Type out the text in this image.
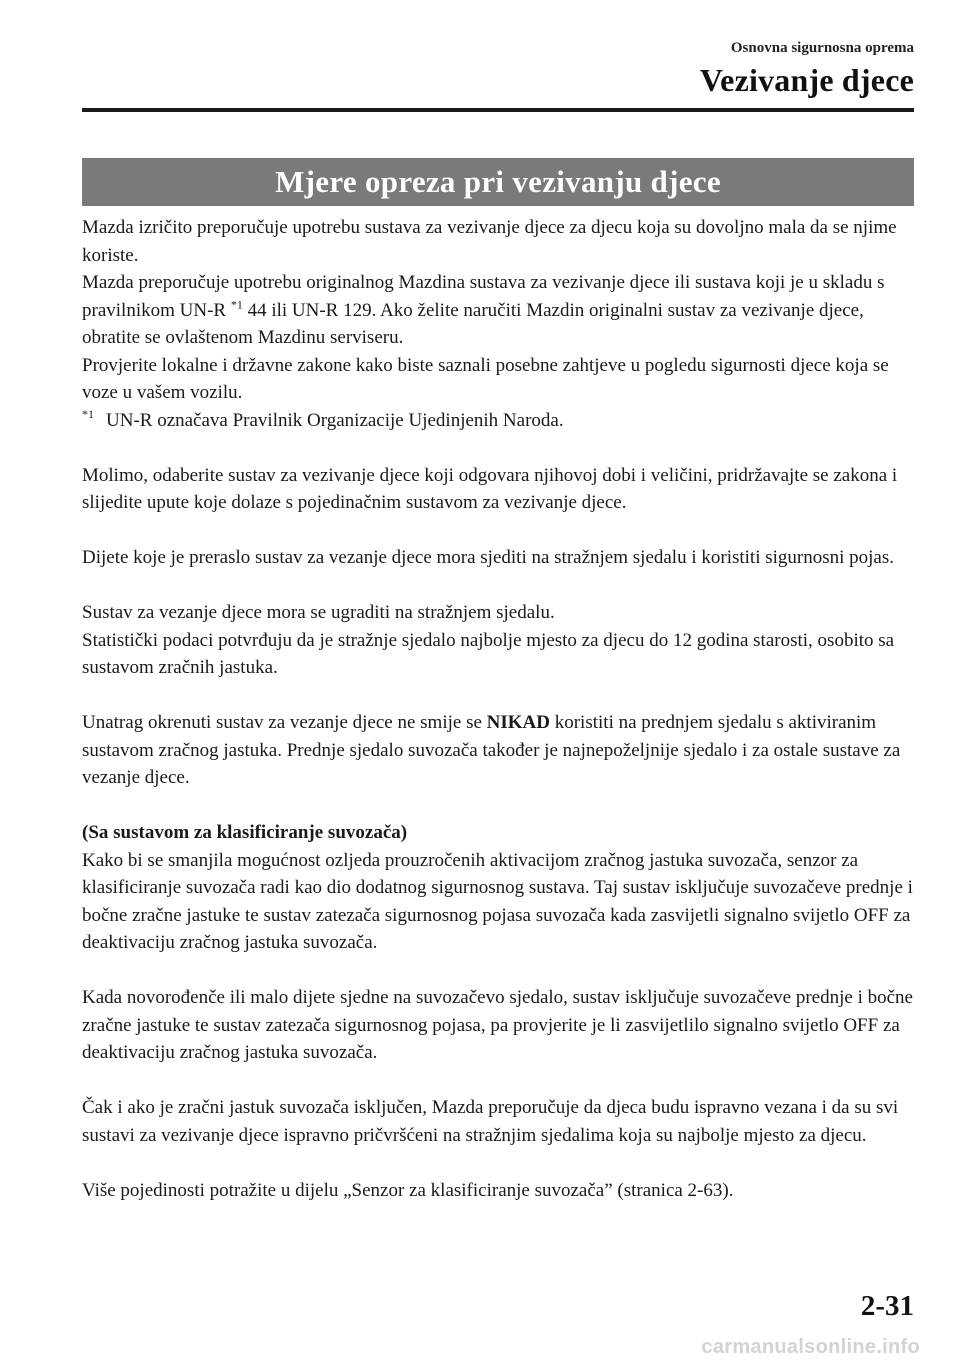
Osnovna sigurnosna oprema
Vezivanje djece
Mjere opreza pri vezivanju djece

Mazda izričito preporučuje upotrebu sustava za vezivanje djece za djecu koja su dovoljno mala da se njime koriste.

Mazda preporučuje upotrebu originalnog Mazdina sustava za vezivanje djece ili sustava koji je u skladu s pravilnikom UN-R $^{*1}$ 44 ili UN-R 129. Ako želite naručiti Mazdin originalni sustav za vezivanje djece, obratite se ovlaštenom Mazdinu serviseru.

Provjerite lokalne i državne zakone kako biste saznali posebne zahtjeve u pogledu sigurnosti djece koja se voze u vašem vozilu.

$^{*1}$ UN-R označava Pravilnik Organizacije Ujedinjenih Naroda.

Molimo, odaberite sustav za vezivanje djece koji odgovara njihovoj dobi i veličini, pridržavajte se zakona i slijedite upute koje dolaze s pojedinačnim sustavom za vezivanje djece.

Dijete koje je preraslo sustav za vezanje djece mora sjediti na stražnjem sjedalu i koristiti sigurnosni pojas.

Sustav za vezanje djece mora se ugraditi na stražnjem sjedalu.

Statistički podaci potvrđuju da je stražnje sjedalo najbolje mjesto za djecu do 12 godina starosti, osobito sa sustavom zračnih jastuka.

Unatrag okrenuti sustav za vezanje djece ne smije se NIKAD koristiti na prednjem sjedalu s aktiviranim sustavom zračnog jastuka. Prednje sjedalo suvozača također je najnepoželjnije sjedalo i za ostale sustave za vezanje djece.

(Sa sustavom za klasificiranje suvozača)

Kako bi se smanjila mogućnost ozljeda prouzročenih aktivacijom zračnog jastuka suvozača, senzor za klasificiranje suvozača radi kao dio dodatnog sigurnosnog sustava. Taj sustav isključuje suvozačeve prednje i bočne zračne jastuke te sustav zatezača sigurnosnog pojasa suvozača kada zasvijetli signalno svijetlo OFF za deaktivaciju zračnog jastuka suvozača.

Kada novorođenče ili malo dijete sjedne na suvozačevo sjedalo, sustav isključuje suvozačeve prednje i bočne zračne jastuke te sustav zatezača sigurnosnog pojasa, pa provjerite je li zasvijetlilo signalno svijetlo OFF za deaktivaciju zračnog jastuka suvozača.

Čak i ako je zračni jastuk suvozača isključen, Mazda preporučuje da djeca budu ispravno vezana i da su svi sustavi za vezivanje djece ispravno pričvršćeni na stražnjim sjedalima koja su najbolje mjesto za djecu.

Više pojedinosti potražite u dijelu „Senzor za klasificiranje suvozača” (stranica 2-63).

2-31
carmanualsonline.info
